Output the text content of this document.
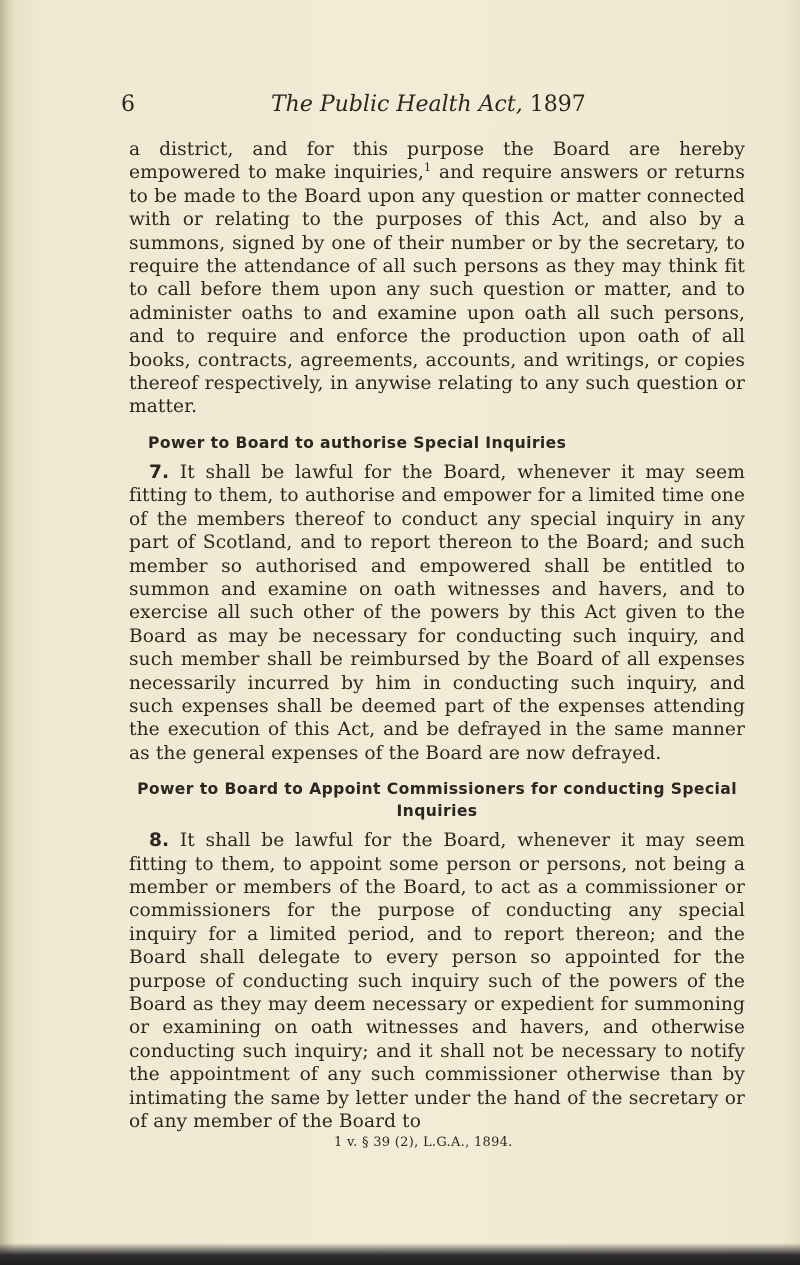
6	The Public Health Act, 1897

a district, and for this purpose the Board are hereby empowered to make inquiries,$^1$ and require answers or returns to be made to the Board upon any question or matter connected with or relating to the purposes of this Act, and also by a summons, signed by one of their number or by the secretary, to require the attendance of all such persons as they may think fit to call before them upon any such question or matter, and to administer oaths to and examine upon oath all such persons, and to require and enforce the production upon oath of all books, contracts, agreements, accounts, and writings, or copies thereof respectively, in anywise relating to any such question or matter.

Power to Board to authorise Special Inquiries

7. It shall be lawful for the Board, whenever it may seem fitting to them, to authorise and empower for a limited time one of the members thereof to conduct any special inquiry in any part of Scotland, and to report thereon to the Board; and such member so authorised and empowered shall be entitled to summon and examine on oath witnesses and havers, and to exercise all such other of the powers by this Act given to the Board as may be necessary for conducting such inquiry, and such member shall be reimbursed by the Board of all expenses necessarily incurred by him in conducting such inquiry, and such expenses shall be deemed part of the expenses attending the execution of this Act, and be defrayed in the same manner as the general expenses of the Board are now defrayed.

Power to Board to Appoint Commissioners for conducting Special Inquiries

8. It shall be lawful for the Board, whenever it may seem fitting to them, to appoint some person or persons, not being a member or members of the Board, to act as a commissioner or commissioners for the purpose of conducting any special inquiry for a limited period, and to report thereon; and the Board shall delegate to every person so appointed for the purpose of conducting such inquiry such of the powers of the Board as they may deem necessary or expedient for summoning or examining on oath witnesses and havers, and otherwise conducting such inquiry; and it shall not be necessary to notify the appointment of any such commissioner otherwise than by intimating the same by letter under the hand of the secretary or of any member of the Board to

1 v. § 39 (2), L.G.A., 1894.
